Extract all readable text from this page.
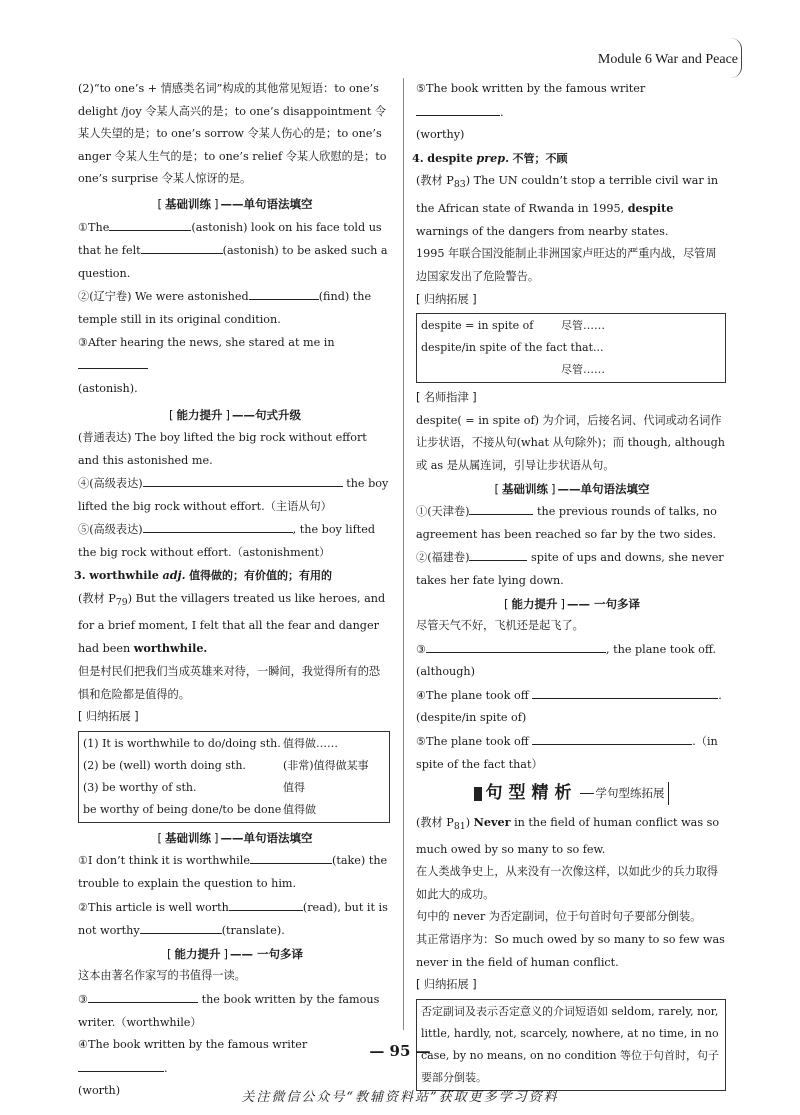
Module 6 War and Peace

(2)“to one’s + 情感类名词”构成的其他常见短语：to one’s delight /joy 令某人高兴的是；to one’s disappointment 令某人失望的是；to one’s sorrow 令某人伤心的是；to one’s anger 令某人生气的是；to one’s relief 令某人欣慰的是；to one’s surprise 令某人惊讶的是。

[ 基础训练 ] ——单句语法填空

①The	(astonish) look on his face told us that he felt	(astonish) to be asked such a question.

②(辽宁卷) We were astonished	(find) the temple still in its original condition.

③After hearing the news, she stared at me in
(astonish).

[ 能力提升 ] ——句式升级

(普通表达) The boy lifted the big rock without effort and this astonished me.

④(高级表达)	the boy lifted the big rock without effort.（主语从句）

⑤(高级表达)	, the boy lifted the big rock without effort.（astonishment）

3. worthwhile adj. 值得做的；有价值的；有用的

(教材 $P_{79}$) But the villagers treated us like heroes, and for a brief moment, I felt that all the fear and danger had been worthwhile.

但是村民们把我们当成英雄来对待，一瞬间，我觉得所有的恐惧和危险都是值得的。

[ 归纳拓展 ]

(1) It is worthwhile to do/doing sth. 值得做……
(2) be (well) worth doing sth.	(非常)值得做某事
(3) be worthy of sth.	值得
be worthy of being done/to be done 值得做

[ 基础训练 ] ——单句语法填空

①I don’t think it is worthwhile	(take) the trouble to explain the question to him.

②This article is well worth	(read), but it is not worthy	(translate).

[ 能力提升 ] —— 一句多译

这本由著名作家写的书值得一读。

③	the book written by the famous writer.（worthwhile）

④The book written by the famous writer .
(worth)

⑤The book written by the famous writer .
(worthy)

4. despite prep. 不管；不顾

(教材 $P_{83}$) The UN couldn’t stop a terrible civil war in the African state of Rwanda in 1995, despite warnings of the dangers from nearby states.

1995 年联合国没能制止非洲国家卢旺达的严重内战，尽管周边国家发出了危险警告。

[ 归纳拓展 ]

despite = in spite of	尽管……
despite/in spite of the fact that...
尽管……

[ 名师指津 ]

despite( = in spite of) 为介词，后接名词、代词或动名词作让步状语，不接从句(what 从句除外)；而 though, although 或 as 是从属连词，引导让步状语从句。

[ 基础训练 ] ——单句语法填空

①(天津卷)	the previous rounds of talks, no agreement has been reached so far by the two sides.

②(福建卷)	spite of ups and downs, she never takes her fate lying down.

[ 能力提升 ] —— 一句多译

尽管天气不好，飞机还是起飞了。

③	, the plane took off.
(although)

④The plane took off	.
(despite/in spite of)

⑤The plane took off	.（in spite of the fact that）

句型精析 学句型练拓展

(教材 $P_{81}$) Never in the field of human conflict was so much owed by so many to so few.

在人类战争史上，从来没有一次像这样，以如此少的兵力取得如此大的成功。

句中的 never 为否定副词，位于句首时句子要部分倒装。

其正常语序为：So much owed by so many to so few was never in the field of human conflict.

[ 归纳拓展 ]

否定副词及表示否定意义的介词短语如 seldom, rarely, nor, little, hardly, not, scarcely, nowhere, at no time, in no case, by no means, on no condition 等位于句首时，句子要部分倒装。
— 95 —
关注微信公众号“教辅资料站”获取更多学习资料
